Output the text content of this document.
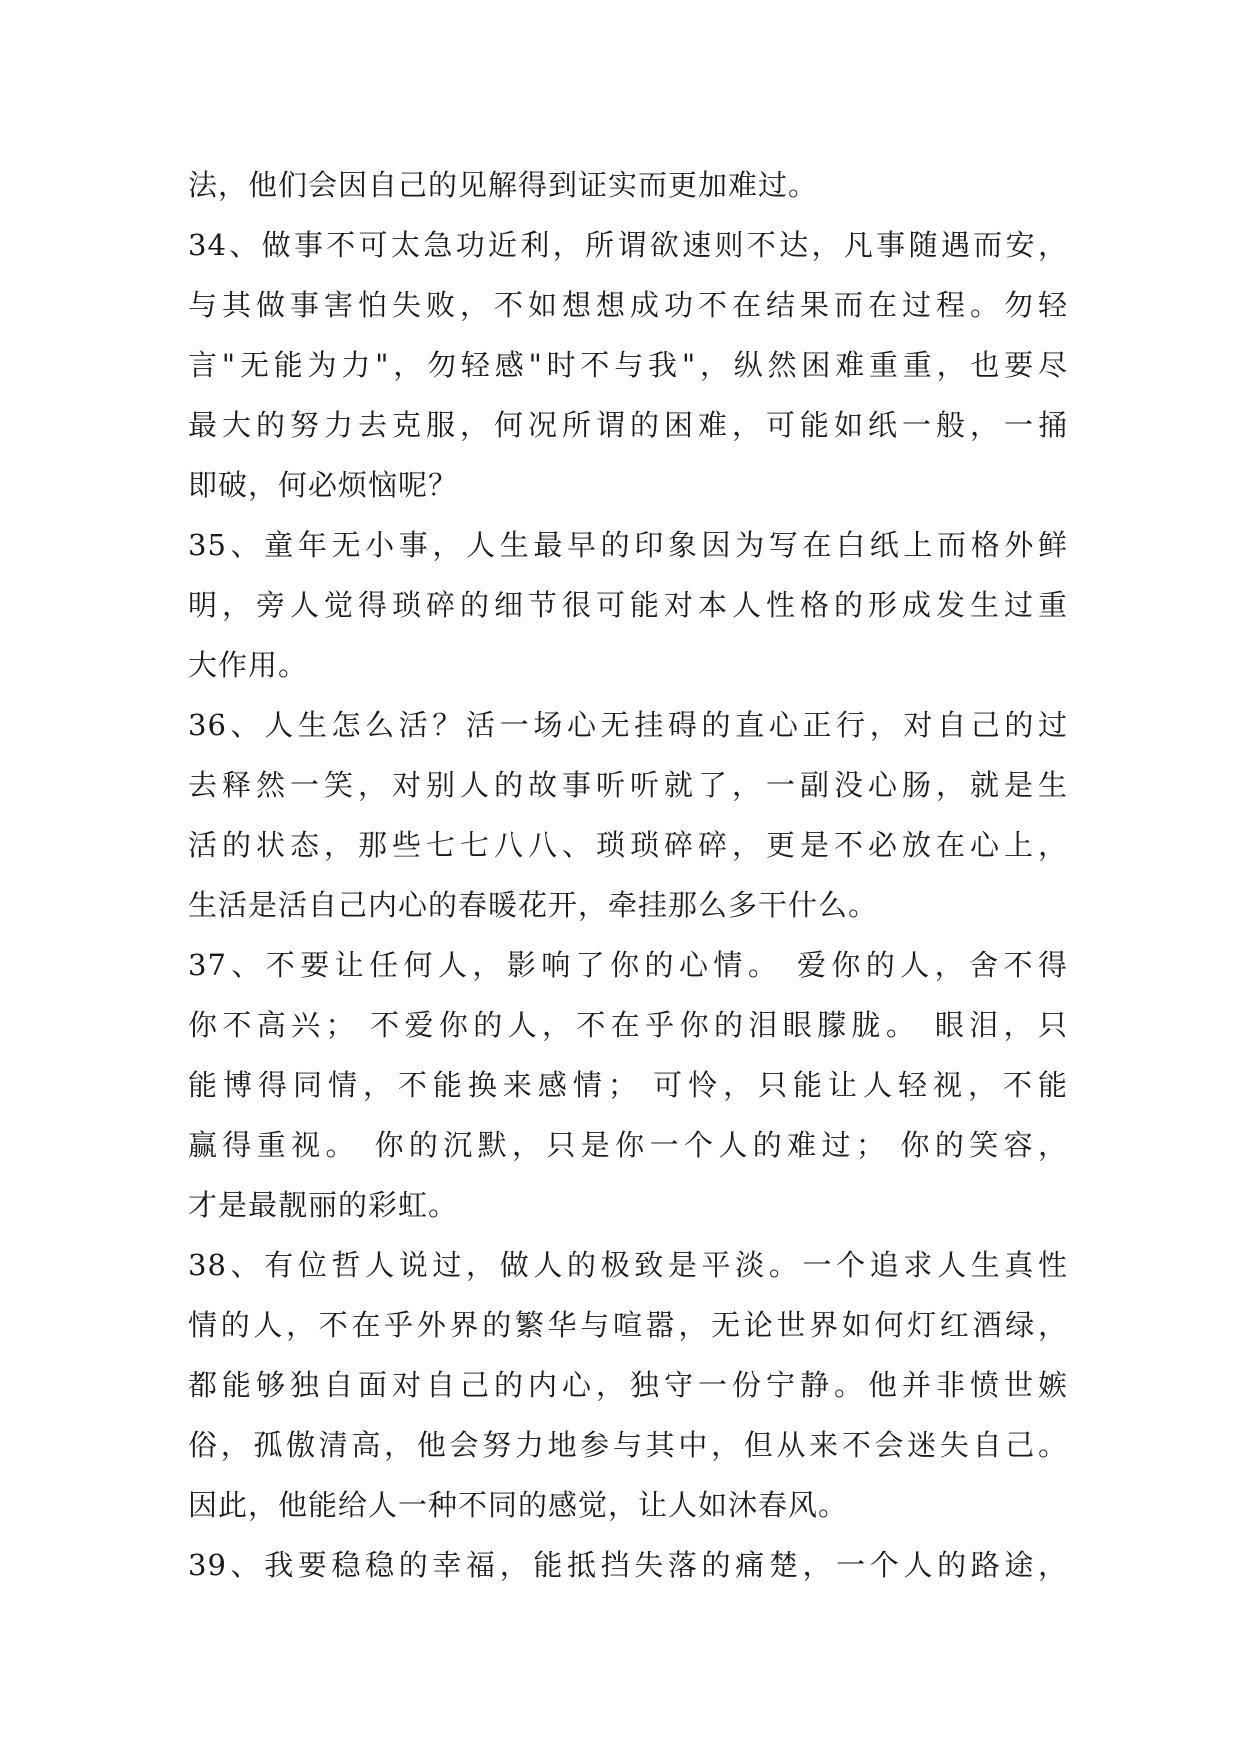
法，他们会因自己的见解得到证实而更加难过。
34、做事不可太急功近利，所谓欲速则不达，凡事随遇而安，
与其做事害怕失败，不如想想成功不在结果而在过程。勿轻
言"无能为力"，勿轻感"时不与我"，纵然困难重重，也要尽
最大的努力去克服，何况所谓的困难，可能如纸一般，一捅
即破，何必烦恼呢？
35、童年无小事，人生最早的印象因为写在白纸上而格外鲜
明，旁人觉得琐碎的细节很可能对本人性格的形成发生过重
大作用。
36、人生怎么活？活一场心无挂碍的直心正行，对自己的过
去释然一笑，对别人的故事听听就了，一副没心肠，就是生
活的状态，那些七七八八、琐琐碎碎，更是不必放在心上，
生活是活自己内心的春暖花开，牵挂那么多干什么。
37、不要让任何人，影响了你的心情。 爱你的人，舍不得
你不高兴； 不爱你的人，不在乎你的泪眼朦胧。 眼泪，只
能博得同情，不能换来感情； 可怜，只能让人轻视，不能
赢得重视。 你的沉默，只是你一个人的难过； 你的笑容，
才是最靓丽的彩虹。
38、有位哲人说过，做人的极致是平淡。一个追求人生真性
情的人，不在乎外界的繁华与喧嚣，无论世界如何灯红酒绿，
都能够独自面对自己的内心，独守一份宁静。他并非愤世嫉
俗，孤傲清高，他会努力地参与其中，但从来不会迷失自己。
因此，他能给人一种不同的感觉，让人如沐春风。
39、我要稳稳的幸福，能抵挡失落的痛楚，一个人的路途，
